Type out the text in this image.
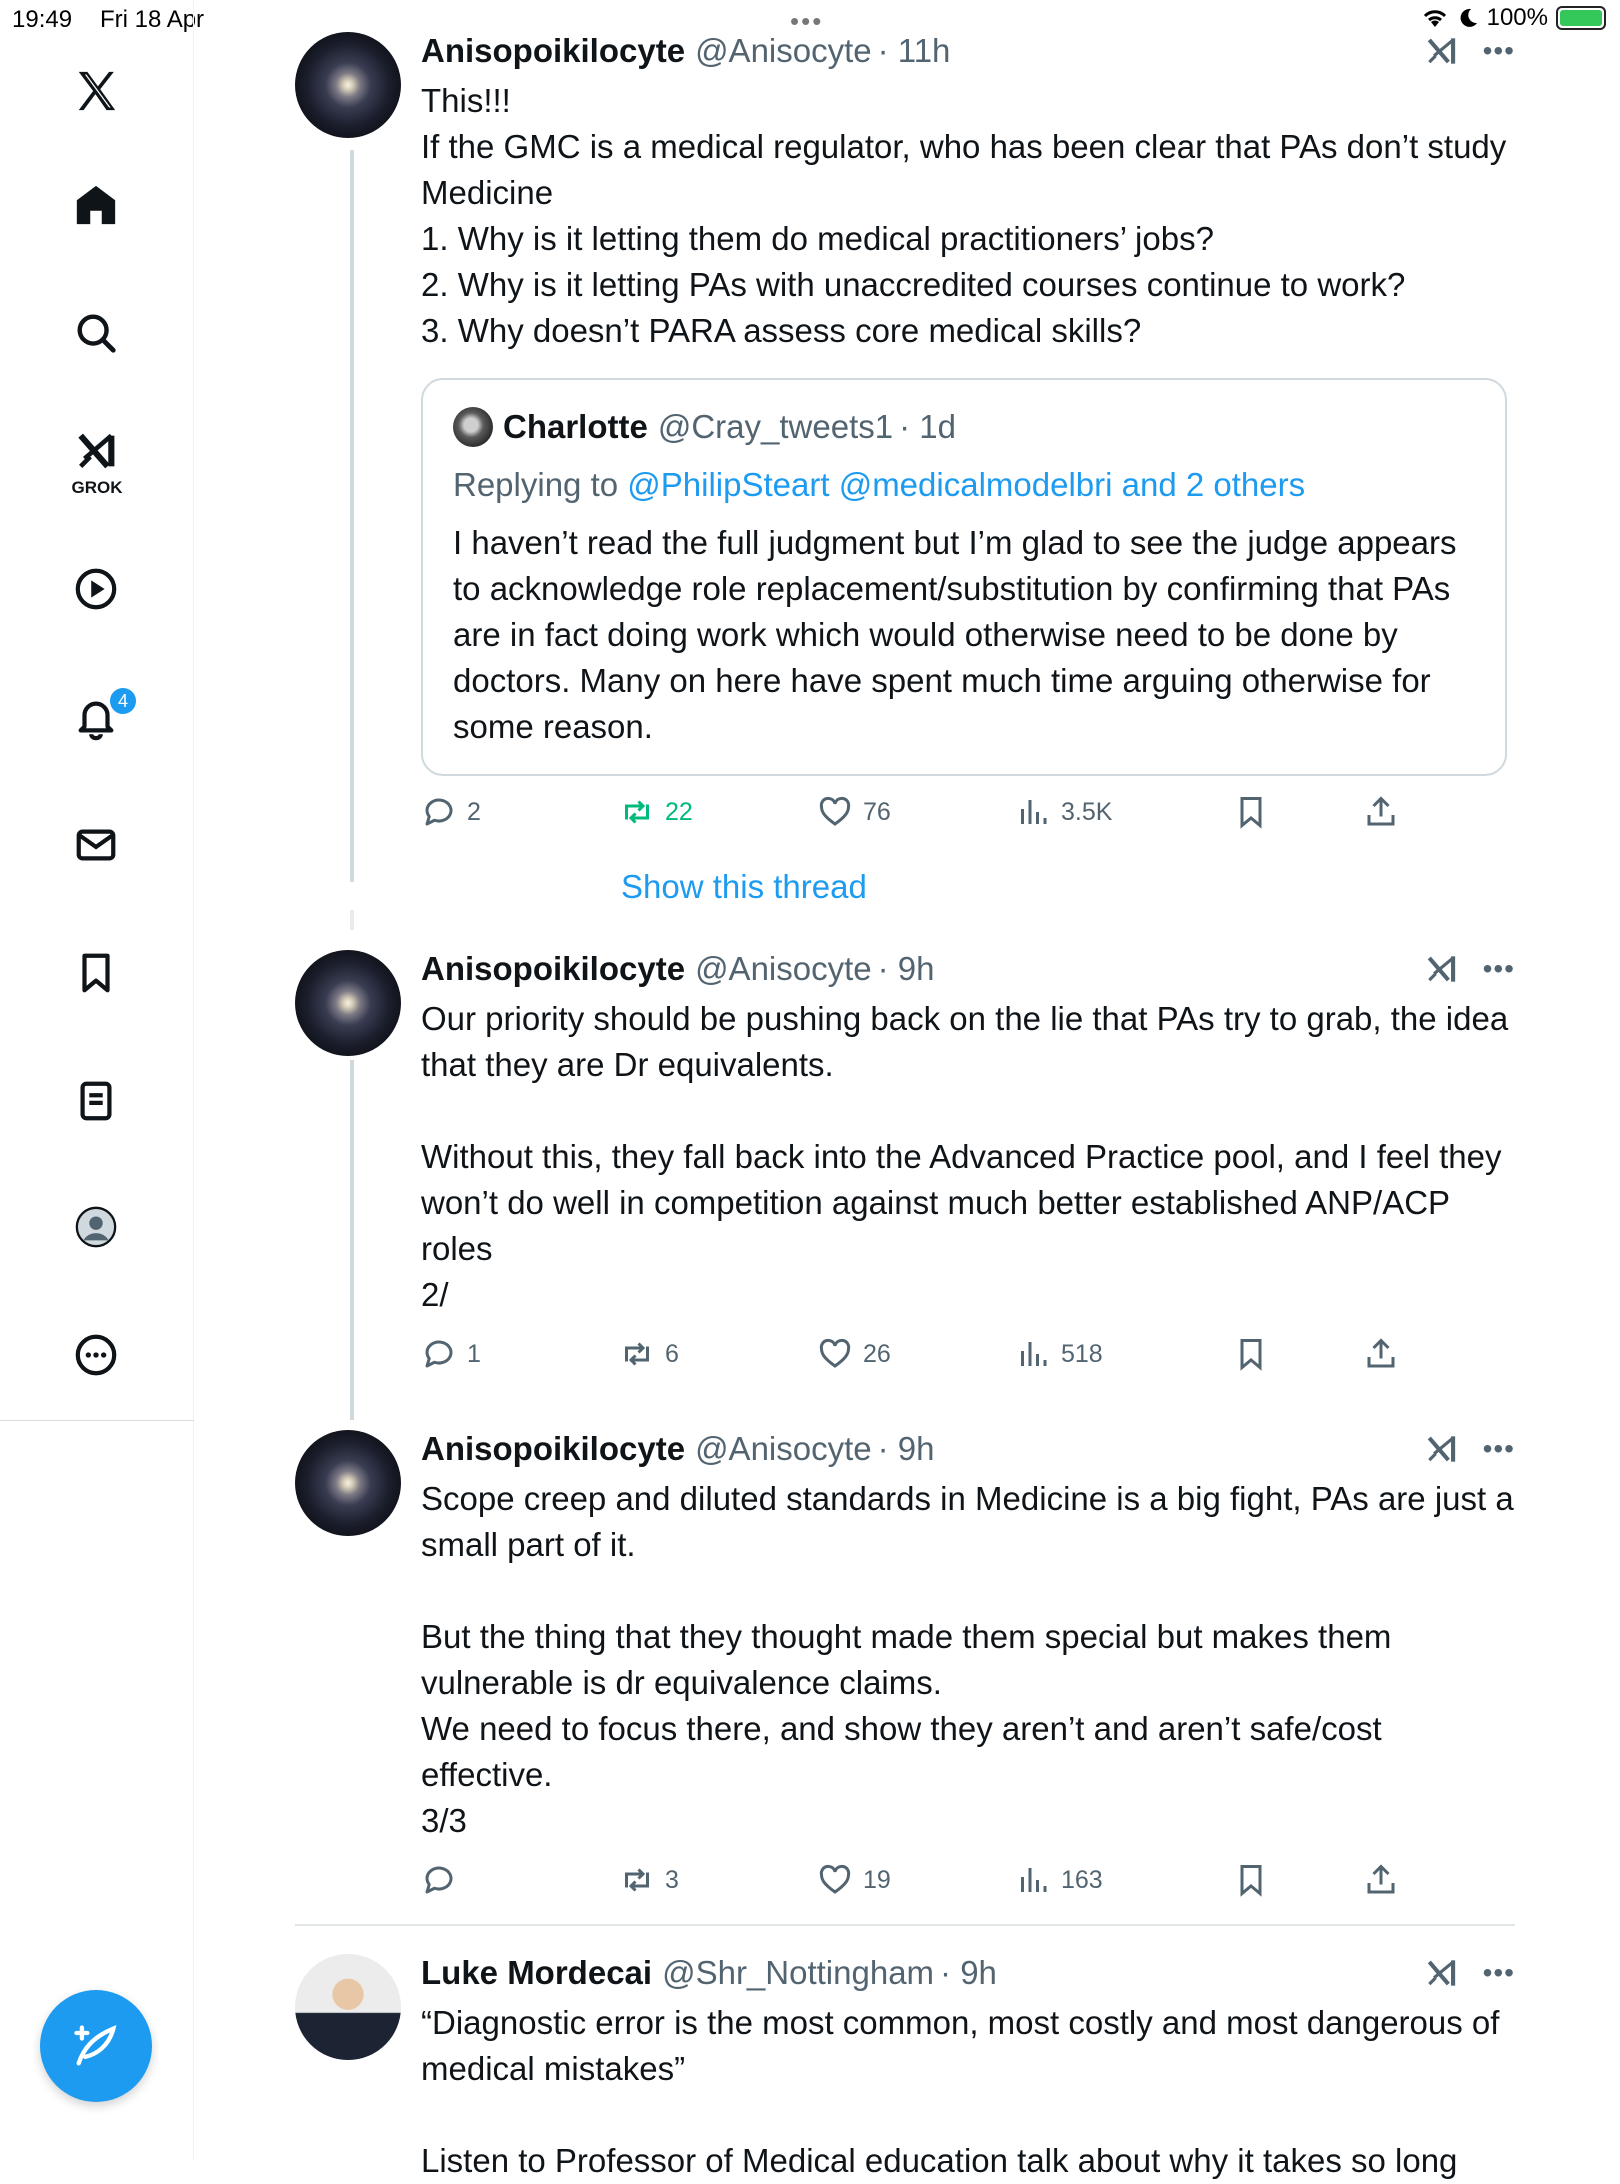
19:49 Fri 18 Apr	•••	100%
GROK
4
Anisopoikilocyte @Anisocyte · 11h	•••
This!!!
If the GMC is a medical regulator, who has been clear that PAs don’t study Medicine
1. Why is it letting them do medical practitioners’ jobs?
2. Why is it letting PAs with unaccredited courses continue to work?
3. Why doesn’t PARA assess core medical skills?
Charlotte @Cray_tweets1 · 1d
Replying to @PhilipSteart @medicalmodelbri and 2 others
I haven’t read the full judgment but I’m glad to see the judge appears to acknowledge role replacement/substitution by confirming that PAs are in fact doing work which would otherwise need to be done by doctors. Many on here have spent much time arguing otherwise for some reason.
2	22	76	3.5K
Show this thread
Anisopoikilocyte @Anisocyte · 9h	•••
Our priority should be pushing back on the lie that PAs try to grab, the idea that they are Dr equivalents.

Without this, they fall back into the Advanced Practice pool, and I feel they won’t do well in competition against much better established ANP/ACP roles
2/
1	6	26	518
Anisopoikilocyte @Anisocyte · 9h	•••
Scope creep and diluted standards in Medicine is a big fight, PAs are just a small part of it.

But the thing that they thought made them special but makes them vulnerable is dr equivalence claims.
We need to focus there, and show they aren’t and aren’t safe/cost effective.
3/3
3	19	163
Luke Mordecai @Shr_Nottingham · 9h	•••
“Diagnostic error is the most common, most costly and most dangerous of medical mistakes”

Listen to Professor of Medical education talk about why it takes so long
